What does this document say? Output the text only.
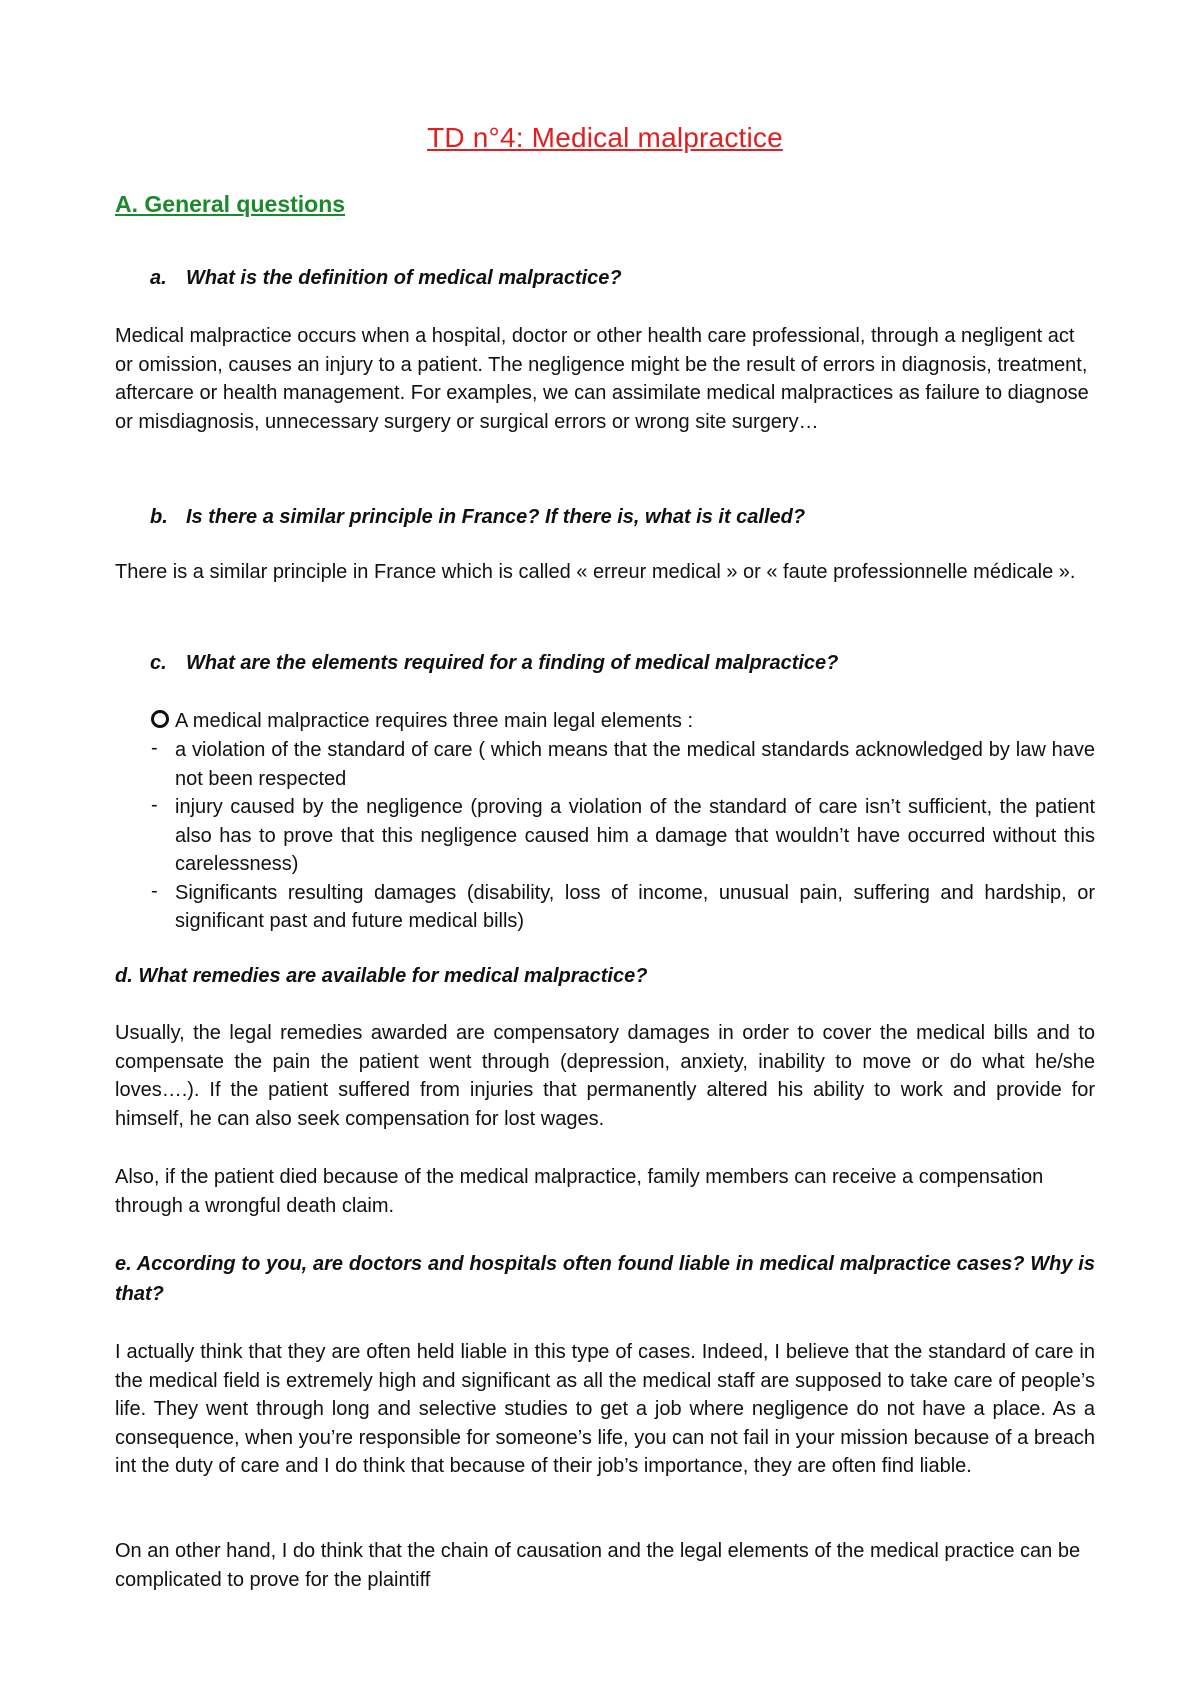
TD n°4: Medical malpractice
A. General questions

a. What is the definition of medical malpractice?

Medical malpractice occurs when a hospital, doctor or other health care professional, through a negligent act or omission, causes an injury to a patient. The negligence might be the result of errors in diagnosis, treatment, aftercare or health management. For examples, we can assimilate medical malpractices as failure to diagnose or misdiagnosis, unnecessary surgery or surgical errors or wrong site surgery…

b. Is there a similar principle in France? If there is, what is it called?

There is a similar principle in France which is called « erreur medical » or « faute professionnelle médicale ».

c. What are the elements required for a finding of medical malpractice?

A medical malpractice requires three main legal elements :
- a violation of the standard of care ( which means that the medical standards acknowledged by law have not been respected
- injury caused by the negligence (proving a violation of the standard of care isn’t sufficient, the patient also has to prove that this negligence caused him a damage that wouldn’t have occurred without this carelessness)
- Significants resulting damages (disability, loss of income, unusual pain, suffering and hardship, or significant past and future medical bills)

d. What remedies are available for medical malpractice?

Usually, the legal remedies awarded are compensatory damages in order to cover the medical bills and to compensate the pain the patient went through (depression, anxiety, inability to move or do what he/she loves….). If the patient suffered from injuries that permanently altered his ability to work and provide for himself, he can also seek compensation for lost wages.

Also, if the patient died because of the medical malpractice, family members can receive a compensation through a wrongful death claim.

e. According to you, are doctors and hospitals often found liable in medical malpractice cases? Why is that?

I actually think that they are often held liable in this type of cases. Indeed, I believe that the standard of care in the medical field is extremely high and significant as all the medical staff are supposed to take care of people’s life. They went through long and selective studies to get a job where negligence do not have a place. As a consequence, when you’re responsible for someone’s life, you can not fail in your mission because of a breach int the duty of care and I do think that because of their job’s importance, they are often find liable.

On an other hand, I do think that the chain of causation and the legal elements of the medical practice can be complicated to prove for the plaintiff
